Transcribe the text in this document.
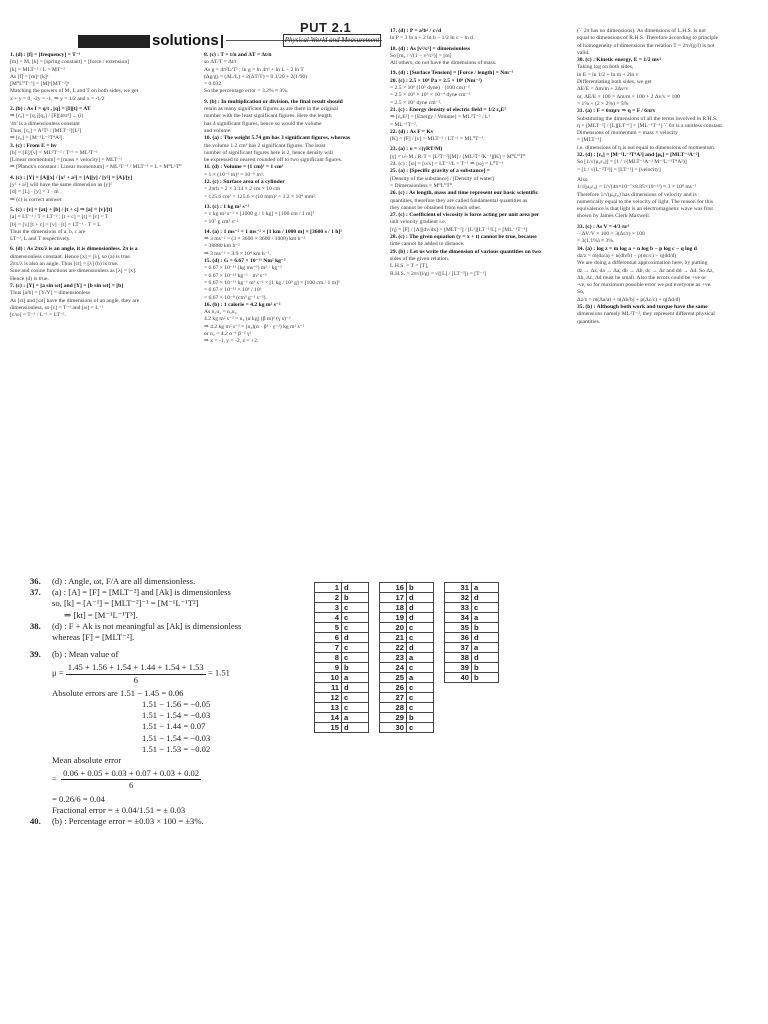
PUT 2.1
solutions	Physical World and Measurement
1. (d) : [f] = [frequency] = T⁻¹
[m] = M, [k] = [spring constant] = [force / extension]
[k] = MLT⁻² / L = MT⁻²
As [f] = [m]ˣ [k]ʸ
[M⁰L⁰T⁻¹] = [M]ˣ[MT⁻²]ʸ
Matching the powers of M, L and T on both sides, we get
x + y = 0, -2y = -1, ⇒ y = 1/2 and x = -1/2
2. (b) : As I = q/t , [q] = [I][t] = AT
⇒ [ε₀] = [q₁][q₂] / [F][4πr²] ... (i)
'4π' is a dimensionless constant
Thus, [ε₀] = A²T² / [MLT⁻²][L²]
⇒ [ε₀] = [M⁻¹L⁻³T⁴A²].
3. (c) : From E = hν
[h] = [E]/[ν] = ML²T⁻² / T⁻¹ = ML²T⁻¹
[Linear momentum] = [mass × velocity] = MLT⁻¹
⇒ [Planck's constant / Linear momentum] = ML²T⁻¹ / MLT⁻¹ = L = M⁰L¹T⁰
4. (c) : [Y] = [A][x] / [x² + a²] = [A][y] / [y²] = [A]/[y]
[y² + a²] will have the same dimension as [y]²
[d] = [L] · [y] = 1 · m
⇒ (c) is correct answer.
5. (c) : [v] = [at] + [b] / [t + c] ⇒ [a] = [v]/[t]
[a] = LT⁻¹ / T = LT⁻² ; [t + c] = [t] = [c] = T
[b] = [v] [t + c] = [v] · [t] = LT⁻¹ · T = L
Thus the dimensions of a, b, c are
LT⁻², L and T respectively.
6. (d) : As 2πx/λ is an angle, it is dimensionless. 2π is a
dimensionless constant. Hence [x] = [λ], so (a) is true.
2πx/λ is also an angle. Thus [ct] = [λ] (b) is true.
Sine and cosine functions are dimensionless as [λ] = [x].
Hence (d) is true.
7. (c) : [Y] = [a sin ωt] and [Y] = [b sin ωt] = [b]
Thus [a/b] = [Y/Y] = dimensionless
As [ct] and [ωt] have the dimensions of an angle, they are
dimensionless, so [c] = T⁻¹ and [ω] = L⁻¹
[c/ω] = T⁻¹ / L⁻¹ = LT⁻¹.
8. (c) : T = t/n and ΔT = Δt/n
so ΔT/T = Δt/t
As g = 4π²L/T² ; ln g = ln 4π² + ln L − 2 ln T
(Δg/g) = (ΔL/L) + 2(ΔT/T) = 0.1/20 + 2(1/90)
= 0.032
So the percentage error = 3.2% ≈ 3%.
9. (b) : In multiplication or division, the final result should
retain as many significant figures as are there in the original
number with the least significant figures. Here the length
has 4 significant figures, hence so would the volume
and volume.
10. (a) : The weight 5.74 gm has 3 significant figures, whereas
the volume 1.2 cm³ has 2 significant figures. The least
number of significant figures here is 2, hence density will
be expressed to nearest rounded off to two significant figures.
11. (d) : Volume = (1 cm)³ = 1 cm³
= 1 × (10⁻² m)³ = 10⁻⁶ m³.
12. (c) : Surface area of a cylinder
= 2πrh = 2 × 3.14 × 2 cm × 10 cm
= 125.6 cm² = 125.6 × (10 mm)² = 1.2 × 10⁴ mm².
13. (c) : 1 kg m² s⁻²
= 1 kg m² s⁻² × [1000 g / 1 kg] × [100 cm / 1 m]²
= 10⁷ g cm² s⁻²
14. (a) : 1 ms⁻² = 1 ms⁻² × [1 km / 1000 m] × [3600 s / 1 h]²
⇒ 3 ms⁻² = (3 × 3600 × 3600 / 1000) km h⁻²
= 38880 km h⁻²
⇒ 3 ms⁻² = 3.9 × 10⁴ km h⁻².
15. (d) : G = 6.67 × 10⁻¹¹ Nm² kg⁻²
= 6.67 × 10⁻¹¹ (kg ms⁻²) m² · kg⁻²
= 6.67 × 10⁻¹¹ kg⁻¹ · m³ s⁻²
= 6.67 × 10⁻¹¹ kg⁻¹ m³ s⁻² × [1 kg / 10³ g] × [100 cm / 1 m]³
= 6.67 × 10⁻¹¹ × 10⁶ / 10³
= 6.67 × 10⁻⁸ (cm³ g⁻¹ s⁻²).
16. (b) : 1 calorie = 4.2 kg m² s⁻²
As n₁u₁ = n₂u₂
4.2 kg m² s⁻² = n₂ (α kg) (β m)² (γ s)⁻²
⇒ 4.2 kg m² s⁻² = (n₂)(α · β² · γ⁻²) kg m² s⁻²
or n₂ = 4.2 α⁻¹ β⁻² γ²
⇒ x = -1, y = -2, z = +2.
17. (d) : P = a³b² / c√d
ln P = 3 ln a + 2 ln b − 1/2 ln c − ln d
18. (d) : As [v²/c²] = dimensionless
So [m₀ / √(1 − v²/c²)] = [m]
All others, do not have the dimensions of mass.
19. (d) : [Surface Tension] = [Force / length] = Nm⁻¹
20. (c) : 2.5 × 10⁶ Pa = 2.5 × 10⁶ (Nm⁻²)
= 2.5 × 10⁶ (10⁵ dyne) · (100 cm)⁻²
= 2.5 × 10⁶ × 10⁵ × 10⁻⁴ dyne cm⁻²
= 2.5 × 10⁷ dyne cm⁻².
21. (c) : Energy density of electric field = 1/2 ε₀E²
⇒ [ε₀E²] = [Energy / Volume] = ML²T⁻² / L³
= ML⁻¹T⁻².
22. (d) : As F = Kv
[K] = [F] / [v] = MLT⁻² / LT⁻¹ = ML⁰T⁻¹.
23. (a) : υ = √(γRT/M)
[γ] = υ²·M / R·T = [L²T⁻²][M] / [ML²T⁻²K⁻¹][K] = M⁰L⁰T⁰
24. (c) : [ω] = [υ/x] = LT⁻¹/L = T⁻¹ ⇒ [ω] = L⁰T⁻¹
25. (a) : [Specific gravity of a substance] =
[Density of the substance] / [Density of water]
= Dimensionless = M⁰L⁰T⁰.
26. (c) : As length, mass and time represent our basic scientific
quantities, therefore they are called fundamental quantities as
they cannot be obtained from each other.
27. (c) : Coefficient of viscosity is force acting per unit area per
unit velocity gradient i.e.
[η] = [F] / [A][dv/dx] = [MLT⁻²] / [L²][LT⁻¹/L] = [ML⁻¹T⁻¹]
28. (c) : The given equation (y = x + t) cannot be true, because
time cannot be added to distance.
29. (b) : Let us write the dimension of various quantities on two
sides of the given relation.
L.H.S. = T = [T],
R.H.S. = 2π√(l/g) = √([L] / [LT⁻²]) = [T⁻¹]
(∵ 2π has no dimensions). As dimensions of L.H.S. is not
equal to dimensions of R.H.S. Therefore according to principle
of homogeneity of dimensions the relation T = 2π√(g/l) is not
valid.
30. (c) : Kinetic energy, E = 1/2 mv²
Taking log on both sides,
ln E = ln 1/2 + ln m + 2ln v
Differentiating both sides, we get
ΔE/E = Δm/m + 2Δv/v
or, ΔE/E × 100 = Δm/m × 100 + 2 Δv/v × 100
= 1% + (2 × 2%) = 5%
31. (a) : F = 6πηrv ⇒ η = F / 6πrv
Substituting the dimensions of all the terms involved in R.H.S.
η = [MLT⁻²] / [L][LT⁻¹] = [ML⁻¹T⁻¹] ∵ 6π is a unitless constant.
Dimensions of momentum = mass × velocity
= [MLT⁻¹]
i.e. dimensions of η is not equal to dimensions of momentum.
32. (d) : [ε₀] = [M⁻¹L⁻³T⁴A²] and [μ₀] = [MLT⁻²A⁻²]
So [1/√(μ₀ε₀)] = [1 / √(MLT⁻²A⁻² M⁻¹L⁻³T⁴A²)]
= [1 / √(L⁻²T²)] = [LT⁻¹] = [velocity]
Also
1/√(μ₀ε₀) = 1/√(4π×10⁻⁷×8.85×10⁻¹²) ≈ 3 × 10⁸ ms⁻¹
Therefore 1/√(μ₀ε₀) has dimensions of velocity and is
numerically equal to the velocity of light. The reason for this
equivalence is that light is an electromagnetic wave was first
shown by James Clerk Maxwell.
33. (c) : As V = 4/3 πr³
∴ ΔV/V × 100 = 3(Δr/r) × 100
= 3(1.1%) ≈ 3%.
34. (a) : log z = m log a + n log b − p log c − q log d
dz/z = m(da/a) + n(db/b) − p(dc/c) − q(dd/d)
We are doing a differential approximation here, by putting
dz → Δz, da → Δa, db → Δb, dc → Δc and dd → Δd. So Δz,
Δb, Δc, Δd must be small. Also the errors could be +ve or
-ve, so for maximum possible error we put everyone as +ve.
So,
Δz/z = m(Δa/a) + n(Δb/b) + p(Δc/c) + q(Δd/d)
35. (b) : Although both work and torque have the same
dimensions namely ML²T⁻², they represent different physical
quantities.
36. (d) : Angle, ωt, F/A are all dimensionless.
37. (a) : [A] = [F] = [MLT⁻²] and [Ak] is dimensionless
so, [k] = [A⁻¹] = [MLT⁻²]⁻¹ = [M⁻¹L⁻¹T²]
⇒ [kt] = [M⁻¹L⁻¹T³].
38. (d) : F + Ak is not meaningful as [Ak] is dimensionless
whereas [F] = [MLT⁻²].
39. (b) : Mean value of
$\mu = \frac{1.45 + 1.56 + 1.54 + 1.44 + 1.54 + 1.53}{6} = 1.51$
Absolute errors are 1.51 − 1.45 = 0.06
1.51 − 1.56 = −0.05
1.51 − 1.54 = −0.03
1.51 − 1.44 = 0.07
1.51 − 1.54 = −0.03
1.51 − 1.53 = −0.02
Mean absolute error
= $\frac{0.06 + 0.05 + 0.03 + 0.07 + 0.03 + 0.02}{6}$
= 0.26/6 = 0.04
Fractional error = ± 0.04/1.51 = ± 0.03
40. (b) : Percentage error = ±0.03 × 100 = ±3%.
1	d		16	b		31	a
2	b		17	d		32	d
3	c		18	d		33	c
4	c		19	d		34	a
5	c		20	c		35	b
6	d		21	c		36	d
7	c		22	d		37	a
8	c		23	a		38	d
9	b		24	c		39	b
10	a		25	a		40	b
11	d		26	c			
12	c		27	c			
13	c		28	c			
14	a		29	b			
15	d		30	c			
